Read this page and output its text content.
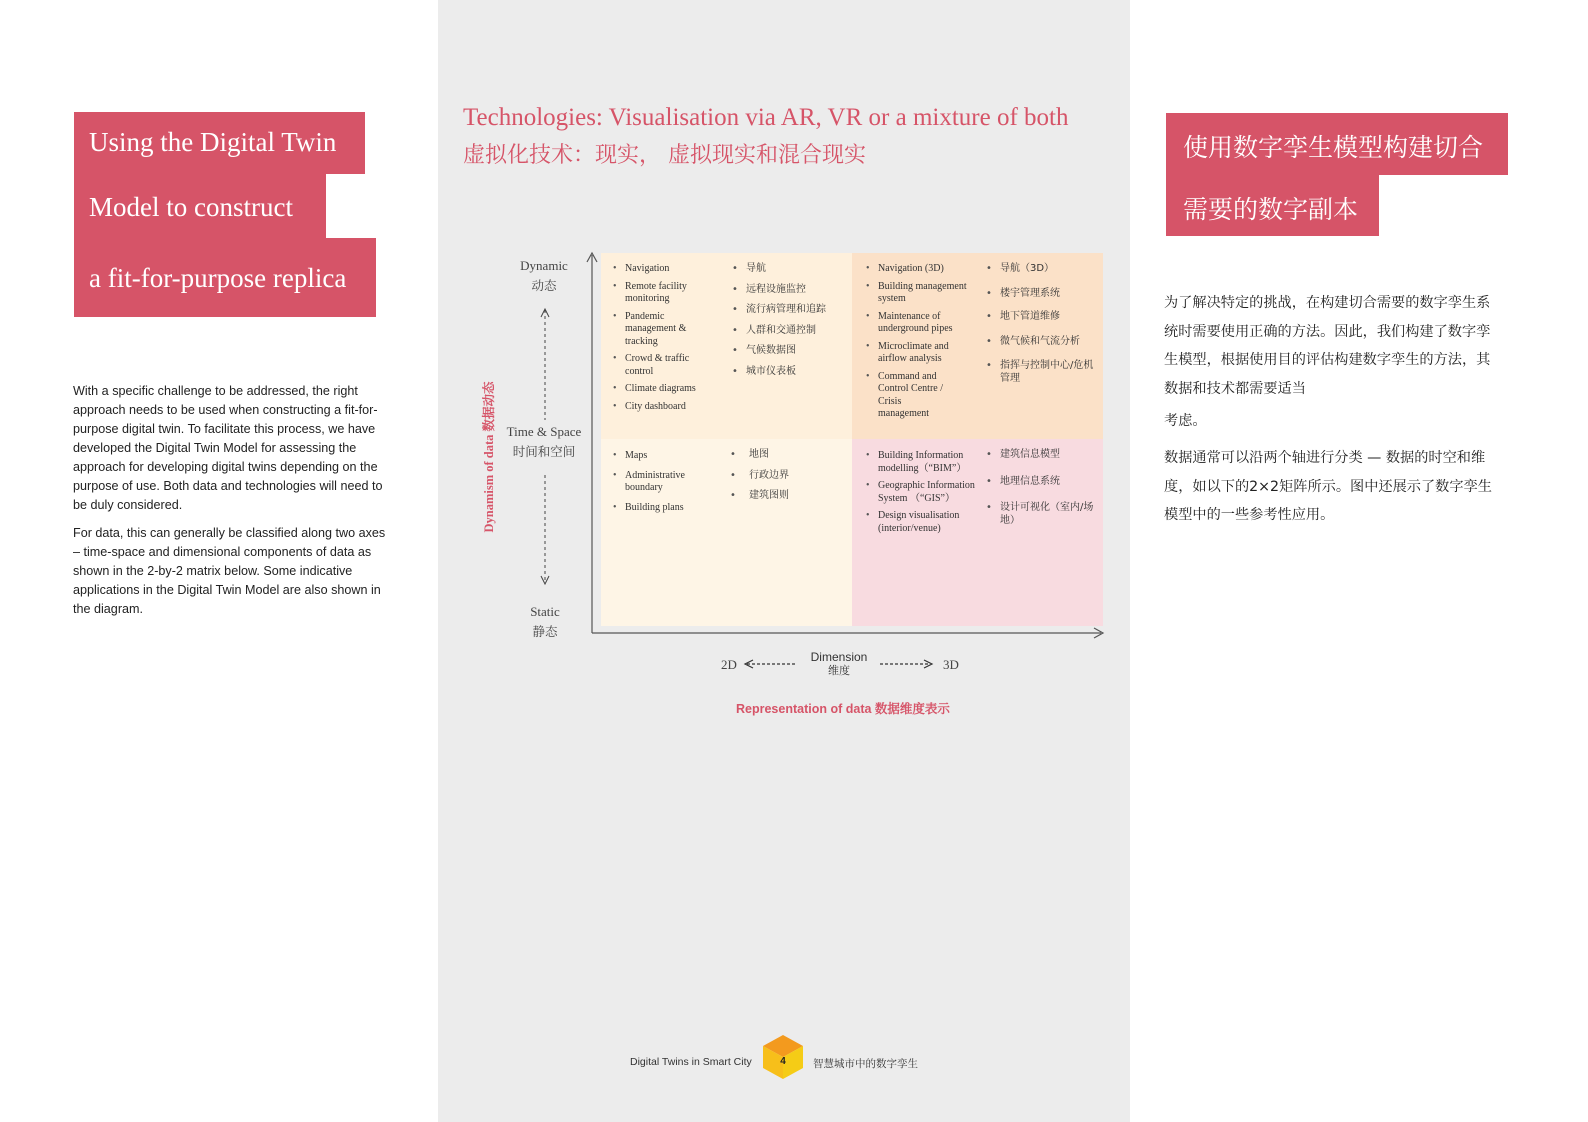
Using the Digital Twin
Model to construct
a fit-for-purpose replica

With a specific challenge to be addressed, the right approach needs to be used when constructing a fit-for-purpose digital twin. To facilitate this process, we have developed the Digital Twin Model for assessing the approach for developing digital twins depending on the purpose of use. Both data and technologies will need to be duly considered.

For data, this can generally be classified along two axes – time-space and dimensional components of data as shown in the 2-by-2 matrix below. Some indicative applications in the Digital Twin Model are also shown in the diagram.

Technologies: Visualisation via AR, VR or a mixture of both
虚拟化技术：现实， 虚拟现实和混合现实
Dynamic
动态
Time & Space
时间和空间
Static
静态
Dynamism of data 数据动态
2D	3D
Dimension
维度
Representation of data 数据维度表示
• Navigation
• Remote facility monitoring
• Pandemic management & tracking
• Crowd & traffic control
• Climate diagrams
• City dashboard
• 导航
• 远程设施监控
• 流行病管理和追踪
• 人群和交通控制
• 气候数据图
• 城市仪表板
• Navigation (3D)
• Building management system
• Maintenance of underground pipes
• Microclimate and airflow analysis
• Command and Control Centre / Crisis management
• 导航（3D）
• 楼宇管理系统
• 地下管道维修
• 微气候和气流分析
• 指挥与控制中心/危机管理
• Maps
• Administrative boundary
• Building plans
• 地图
• 行政边界
• 建筑图则
• Building Information modelling（“BIM”）
• Geographic Information System （“GIS”）
• Design visualisation (interior/venue)
• 建筑信息模型
• 地理信息系统
• 设计可视化（室内/场地）
使用数字孪生模型构建切合
需要的数字副本

为了解决特定的挑战，在构建切合需要的数字孪生系统时需要使用正确的方法。因此，我们构建了数字孪生模型，根据使用目的评估构建数字孪生的方法，其数据和技术都需要适当

考虑。

数据通常可以沿两个轴进行分类 — 数据的时空和维度，如以下的2×2矩阵所示。图中还展示了数字孪生模型中的一些参考性应用。

Digital Twins in Smart City	4	智慧城市中的数字孪生
